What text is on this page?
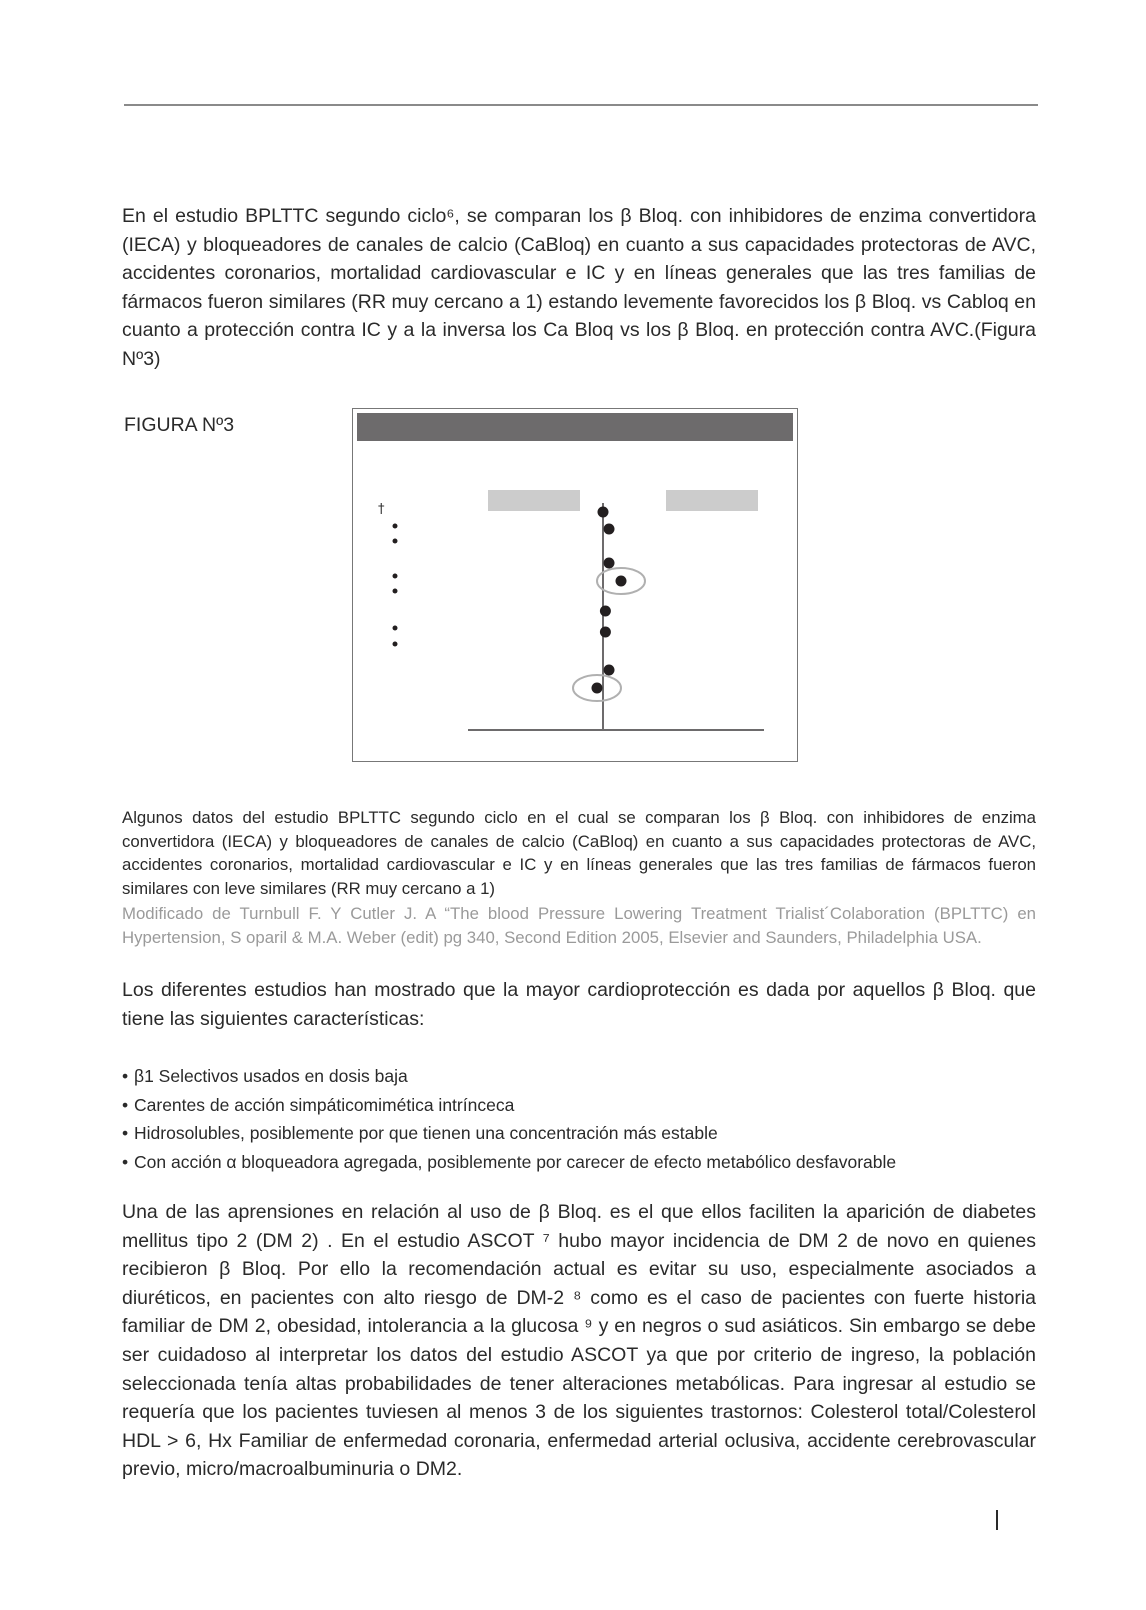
En el estudio BPLTTC segundo ciclo⁶, se comparan los β Bloq. con inhibidores de enzima convertidora (IECA) y bloqueadores de canales de calcio (CaBloq) en cuanto a sus capacidades protectoras de AVC, accidentes coronarios, mortalidad cardiovascular e IC y en líneas generales que las tres familias de fármacos fueron similares (RR muy cercano a 1) estando levemente favorecidos los β Bloq. vs Cabloq en cuanto a protección contra IC y a la inversa los Ca Bloq vs los β Bloq. en protección contra AVC.(Figura Nº3)

FIGURA Nº3

†

Algunos datos del estudio BPLTTC segundo ciclo en el cual se comparan los β Bloq. con inhibidores de enzima convertidora (IECA) y bloqueadores de canales de calcio (CaBloq) en cuanto a sus capacidades protectoras de AVC, accidentes coronarios, mortalidad cardiovascular e IC y en líneas generales que las tres familias de fármacos fueron similares con leve similares (RR muy cercano a 1)

Modificado de Turnbull F. Y Cutler J. A “The blood Pressure Lowering Treatment Trialist´Colaboration (BPLTTC) en Hypertension, S oparil & M.A. Weber (edit) pg 340, Second Edition 2005, Elsevier and Saunders, Philadelphia USA.

Los diferentes estudios han mostrado que la mayor cardioprotección es dada por aquellos β Bloq. que tiene las siguientes características:

• β1 Selectivos usados en dosis baja
• Carentes de acción simpáticomimética intrínceca
• Hidrosolubles, posiblemente por que tienen una concentración más estable
• Con acción α bloqueadora agregada, posiblemente por carecer de efecto metabólico desfavorable

Una de las aprensiones en relación al uso de β Bloq. es el que ellos faciliten la aparición de diabetes mellitus tipo 2 (DM 2) . En el estudio ASCOT ⁷ hubo mayor incidencia de DM 2 de novo en quienes recibieron β Bloq. Por ello la recomendación actual es evitar su uso, especialmente asociados a diuréticos, en pacientes con alto riesgo de DM-2 ⁸ como es el caso de pacientes con fuerte historia familiar de DM 2, obesidad, intolerancia a la glucosa ⁹ y en negros o sud asiáticos. Sin embargo se debe ser cuidadoso al interpretar los datos del estudio ASCOT ya que por criterio de ingreso, la población seleccionada tenía altas probabilidades de tener alteraciones metabólicas. Para ingresar al estudio se requería que los pacientes tuviesen al menos 3 de los siguientes trastornos: Colesterol total/Colesterol HDL > 6, Hx Familiar de enfermedad coronaria, enfermedad arterial oclusiva, accidente cerebrovascular previo, micro/macroalbuminuria o DM2.
